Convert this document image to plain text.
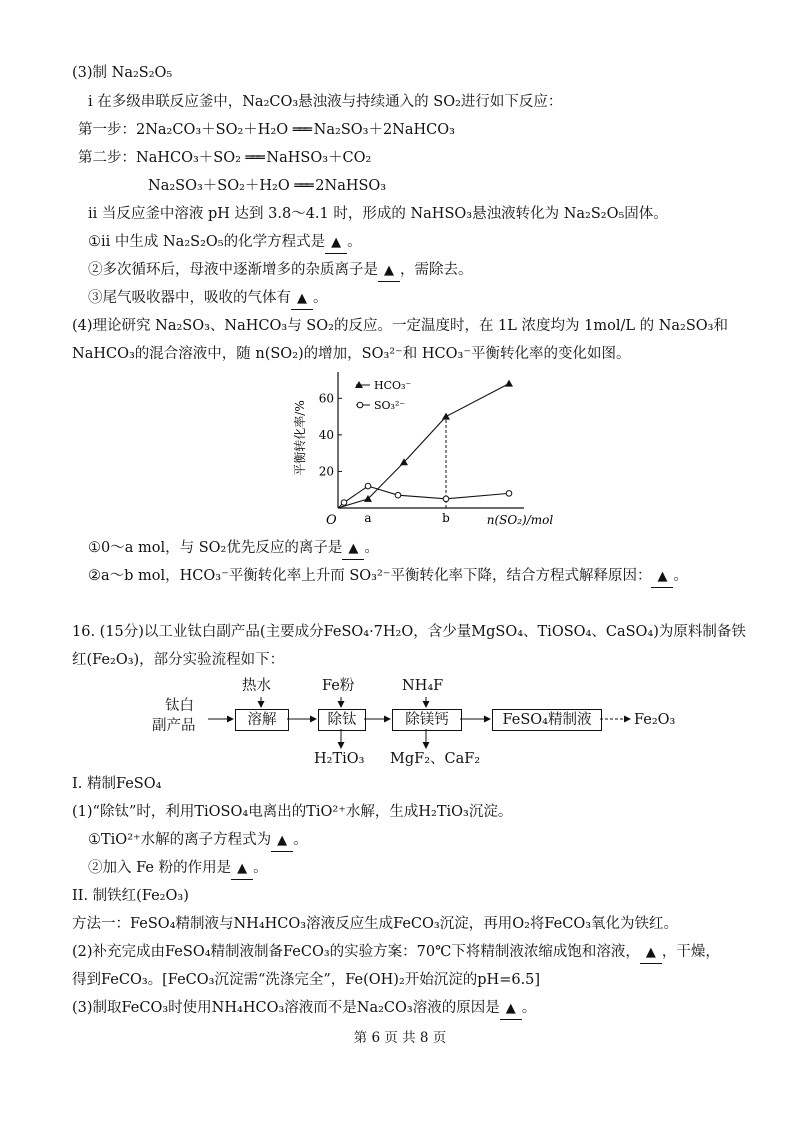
(3)制 Na₂S₂O₅
i 在多级串联反应釜中，Na₂CO₃悬浊液与持续通入的 SO₂进行如下反应：
第一步：2Na₂CO₃＋SO₂＋H₂O ═══ Na₂SO₃＋2NaHCO₃
第二步：NaHCO₃＋SO₂ ═══ NaHSO₃＋CO₂
Na₂SO₃＋SO₂＋H₂O ═══ 2NaHSO₃
ii 当反应釜中溶液 pH 达到 3.8～4.1 时，形成的 NaHSO₃悬浊液转化为 Na₂S₂O₅固体。
①ii 中生成 Na₂S₂O₅的化学方程式是 ▲ 。
②多次循环后，母液中逐渐增多的杂质离子是 ▲ ，需除去。
③尾气吸收器中，吸收的气体有 ▲ 。
(4)理论研究 Na₂SO₃、NaHCO₃与 SO₂的反应。一定温度时，在 1L 浓度均为 1mol/L 的 Na₂SO₃和
NaHCO₃的混合溶液中，随 n(SO₂)的增加，SO₃²⁻和 HCO₃⁻平衡转化率的变化如图。
平衡转化率/%
n(SO₂)/mol
O
20
40
60
a	b
HCO₃⁻
SO₃²⁻
①0～a mol，与 SO₂优先反应的离子是 ▲ 。
②a～b mol，HCO₃⁻平衡转化率上升而 SO₃²⁻平衡转化率下降，结合方程式解释原因： ▲ 。
16. (15分)以工业钛白副产品(主要成分FeSO₄·7H₂O，含少量MgSO₄、TiOSO₄、CaSO₄)为原料制备铁
红(Fe₂O₃)，部分实验流程如下：
钛白
副产品
热水	Fe粉	NH₄F
溶解	除钛	除镁钙	FeSO₄精制液	Fe₂O₃
H₂TiO₃ MgF₂、CaF₂
I. 精制FeSO₄
(1)“除钛”时，利用TiOSO₄电离出的TiO²⁺水解，生成H₂TiO₃沉淀。
①TiO²⁺水解的离子方程式为 ▲ 。
②加入 Fe 粉的作用是 ▲ 。
II. 制铁红(Fe₂O₃)
方法一：FeSO₄精制液与NH₄HCO₃溶液反应生成FeCO₃沉淀，再用O₂将FeCO₃氧化为铁红。
(2)补充完成由FeSO₄精制液制备FeCO₃的实验方案：70℃下将精制液浓缩成饱和溶液， ▲ ，干燥，
得到FeCO₃。[FeCO₃沉淀需“洗涤完全”，Fe(OH)₂开始沉淀的pH=6.5]
(3)制取FeCO₃时使用NH₄HCO₃溶液而不是Na₂CO₃溶液的原因是 ▲ 。
第 6 页 共 8 页
